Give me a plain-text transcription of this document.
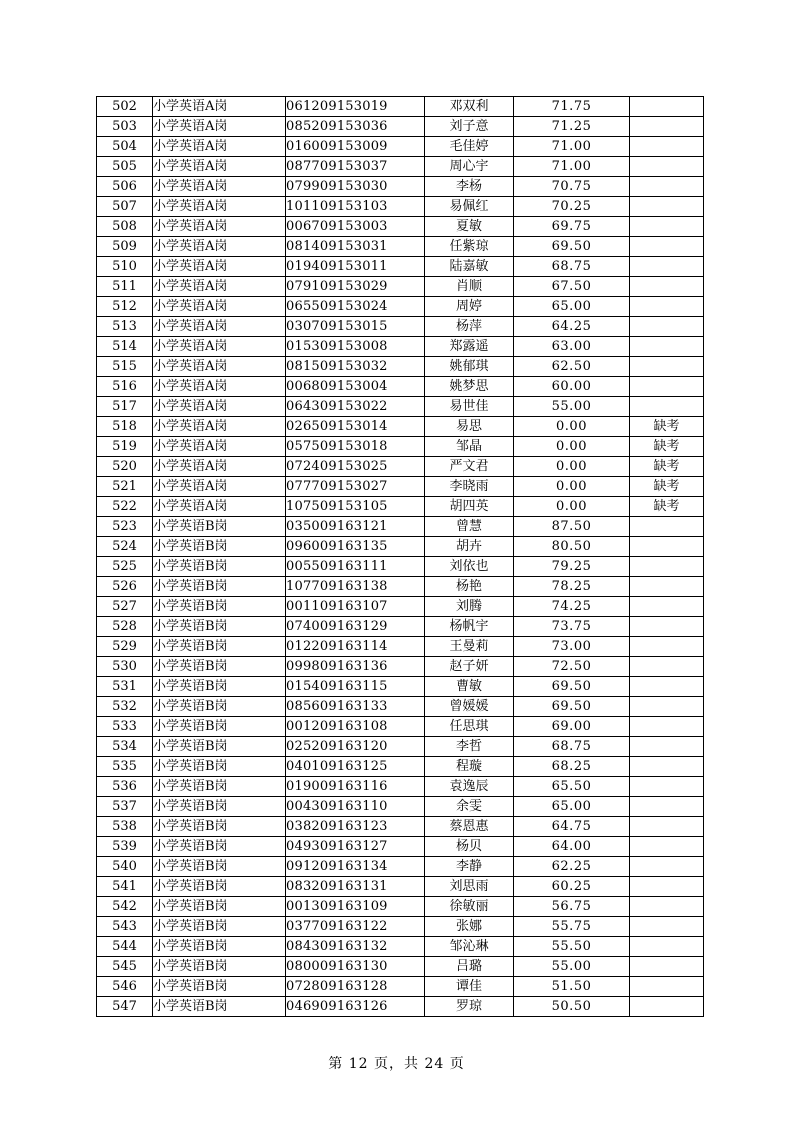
502	小学英语A岗	061209153019	邓双利	71.75	
503	小学英语A岗	085209153036	刘子意	71.25	
504	小学英语A岗	016009153009	毛佳婷	71.00	
505	小学英语A岗	087709153037	周心宇	71.00	
506	小学英语A岗	079909153030	李杨	70.75	
507	小学英语A岗	101109153103	易佩红	70.25	
508	小学英语A岗	006709153003	夏敏	69.75	
509	小学英语A岗	081409153031	任紫琼	69.50	
510	小学英语A岗	019409153011	陆嘉敏	68.75	
511	小学英语A岗	079109153029	肖顺	67.50	
512	小学英语A岗	065509153024	周婷	65.00	
513	小学英语A岗	030709153015	杨萍	64.25	
514	小学英语A岗	015309153008	郑露遥	63.00	
515	小学英语A岗	081509153032	姚郁琪	62.50	
516	小学英语A岗	006809153004	姚梦思	60.00	
517	小学英语A岗	064309153022	易世佳	55.00	
518	小学英语A岗	026509153014	易思	0.00	缺考
519	小学英语A岗	057509153018	邹晶	0.00	缺考
520	小学英语A岗	072409153025	严文君	0.00	缺考
521	小学英语A岗	077709153027	李晓雨	0.00	缺考
522	小学英语A岗	107509153105	胡四英	0.00	缺考
523	小学英语B岗	035009163121	曾慧	87.50	
524	小学英语B岗	096009163135	胡卉	80.50	
525	小学英语B岗	005509163111	刘依也	79.25	
526	小学英语B岗	107709163138	杨艳	78.25	
527	小学英语B岗	001109163107	刘腾	74.25	
528	小学英语B岗	074009163129	杨帆宇	73.75	
529	小学英语B岗	012209163114	王曼莉	73.00	
530	小学英语B岗	099809163136	赵子妍	72.50	
531	小学英语B岗	015409163115	曹敏	69.50	
532	小学英语B岗	085609163133	曾媛媛	69.50	
533	小学英语B岗	001209163108	任思琪	69.00	
534	小学英语B岗	025209163120	李哲	68.75	
535	小学英语B岗	040109163125	程璇	68.25	
536	小学英语B岗	019009163116	袁逸辰	65.50	
537	小学英语B岗	004309163110	余雯	65.00	
538	小学英语B岗	038209163123	蔡恩惠	64.75	
539	小学英语B岗	049309163127	杨贝	64.00	
540	小学英语B岗	091209163134	李静	62.25	
541	小学英语B岗	083209163131	刘思雨	60.25	
542	小学英语B岗	001309163109	徐敏丽	56.75	
543	小学英语B岗	037709163122	张娜	55.75	
544	小学英语B岗	084309163132	邹沁琳	55.50	
545	小学英语B岗	080009163130	吕璐	55.00	
546	小学英语B岗	072809163128	谭佳	51.50	
547	小学英语B岗	046909163126	罗琼	50.50	
第 12 页，共 24 页
